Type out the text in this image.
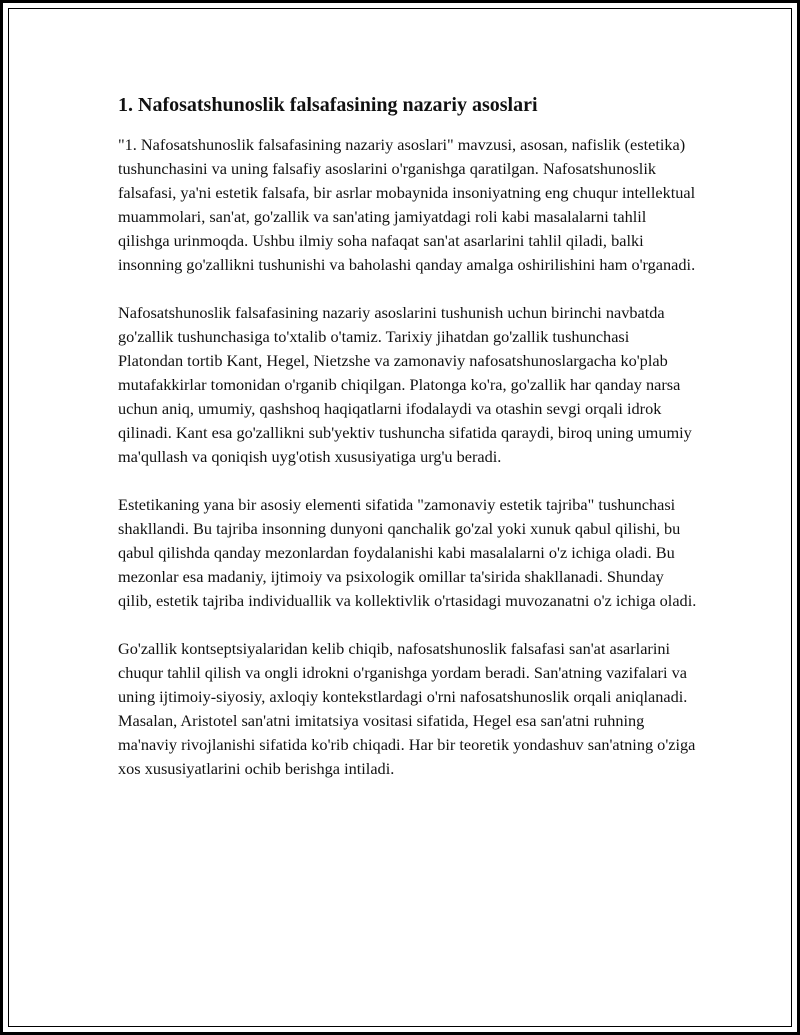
1. Nafosatshunoslik falsafasining nazariy asoslari

"1. Nafosatshunoslik falsafasining nazariy asoslari" mavzusi, asosan, nafislik (estetika) tushunchasini va uning falsafiy asoslarini o'rganishga qaratilgan. Nafosatshunoslik falsafasi, ya'ni estetik falsafa, bir asrlar mobaynida insoniyatning eng chuqur intellektual muammolari, san'at, go'zallik va san'ating jamiyatdagi roli kabi masalalarni tahlil qilishga urinmoqda. Ushbu ilmiy soha nafaqat san'at asarlarini tahlil qiladi, balki insonning go'zallikni tushunishi va baholashi qanday amalga oshirilishini ham o'rganadi.

Nafosatshunoslik falsafasining nazariy asoslarini tushunish uchun birinchi navbatda go'zallik tushunchasiga to'xtalib o'tamiz. Tarixiy jihatdan go'zallik tushunchasi Platondan tortib Kant, Hegel, Nietzshe va zamonaviy nafosatshunoslargacha ko'plab mutafakkirlar tomonidan o'rganib chiqilgan. Platonga ko'ra, go'zallik har qanday narsa uchun aniq, umumiy, qashshoq haqiqatlarni ifodalaydi va otashin sevgi orqali idrok qilinadi. Kant esa go'zallikni sub'yektiv tushuncha sifatida qaraydi, biroq uning umumiy ma'qullash va qoniqish uyg'otish xususiyatiga urg'u beradi.

Estetikaning yana bir asosiy elementi sifatida "zamonaviy estetik tajriba" tushunchasi shakllandi. Bu tajriba insonning dunyoni qanchalik go'zal yoki xunuk qabul qilishi, bu qabul qilishda qanday mezonlardan foydalanishi kabi masalalarni o'z ichiga oladi. Bu mezonlar esa madaniy, ijtimoiy va psixologik omillar ta'sirida shakllanadi. Shunday qilib, estetik tajriba individuallik va kollektivlik o'rtasidagi muvozanatni o'z ichiga oladi.

Go'zallik kontseptsiyalaridan kelib chiqib, nafosatshunoslik falsafasi san'at asarlarini chuqur tahlil qilish va ongli idrokni o'rganishga yordam beradi. San'atning vazifalari va uning ijtimoiy-siyosiy, axloqiy kontekstlardagi o'rni nafosatshunoslik orqali aniqlanadi. Masalan, Aristotel san'atni imitatsiya vositasi sifatida, Hegel esa san'atni ruhning ma'naviy rivojlanishi sifatida ko'rib chiqadi. Har bir teoretik yondashuv san'atning o'ziga xos xususiyatlarini ochib berishga intiladi.
